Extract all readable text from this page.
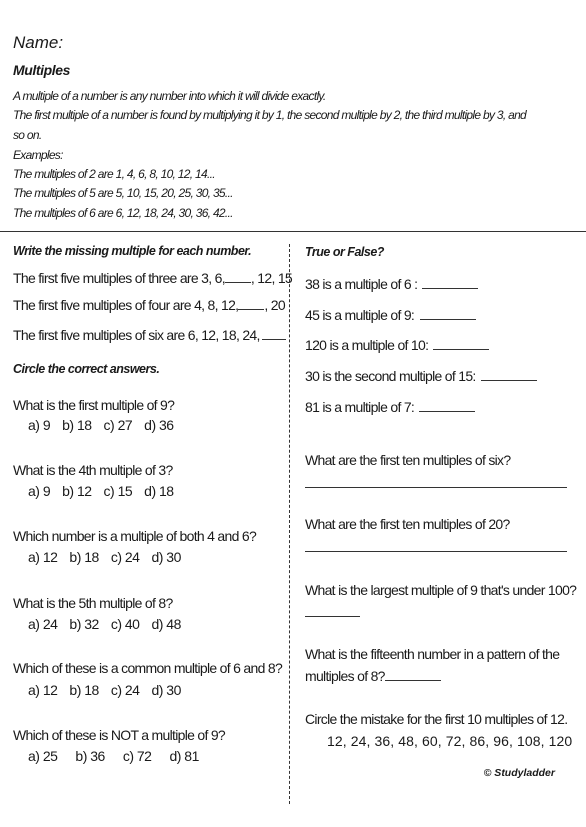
Name:
Multiples
A multiple of a number is any number into which it will divide exactly.
The first multiple of a number is found by multiplying it by 1, the second multiple by 2, the third multiple by 3, and
so on.
Examples:
The multiples of 2 are 1, 4, 6, 8, 10, 12, 14...
The multiples of 5 are 5, 10, 15, 20, 25, 30, 35...
The multiples of 6 are 6, 12, 18, 24, 30, 36, 42...
Write the missing multiple for each number.
The first five multiples of three are 3, 6, , 12, 15
The first five multiples of four are 4, 8, 12, , 20
The first five multiples of six are 6, 12, 18, 24,
Circle the correct answers.
What is the first multiple of 9?
a) 9 b) 18 c) 27 d) 36
What is the 4th multiple of 3?
a) 9 b) 12 c) 15 d) 18
Which number is a multiple of both 4 and 6?
a) 12 b) 18 c) 24 d) 30
What is the 5th multiple of 8?
a) 24 b) 32 c) 40 d) 48
Which of these is a common multiple of 6 and 8?
a) 12 b) 18 c) 24 d) 30
Which of these is NOT a multiple of 9?
a) 25 b) 36 c) 72 d) 81
True or False?
38 is a multiple of 6 :
45 is a multiple of 9:
120 is a multiple of 10:
30 is the second multiple of 15:
81 is a multiple of 7:
What are the first ten multiples of six?
What are the first ten multiples of 20?
What is the largest multiple of 9 that's under 100?
What is the fifteenth number in a pattern of the
multiples of 8?
Circle the mistake for the first 10 multiples of 12.
12, 24, 36, 48, 60, 72, 86, 96, 108, 120
© Studyladder
